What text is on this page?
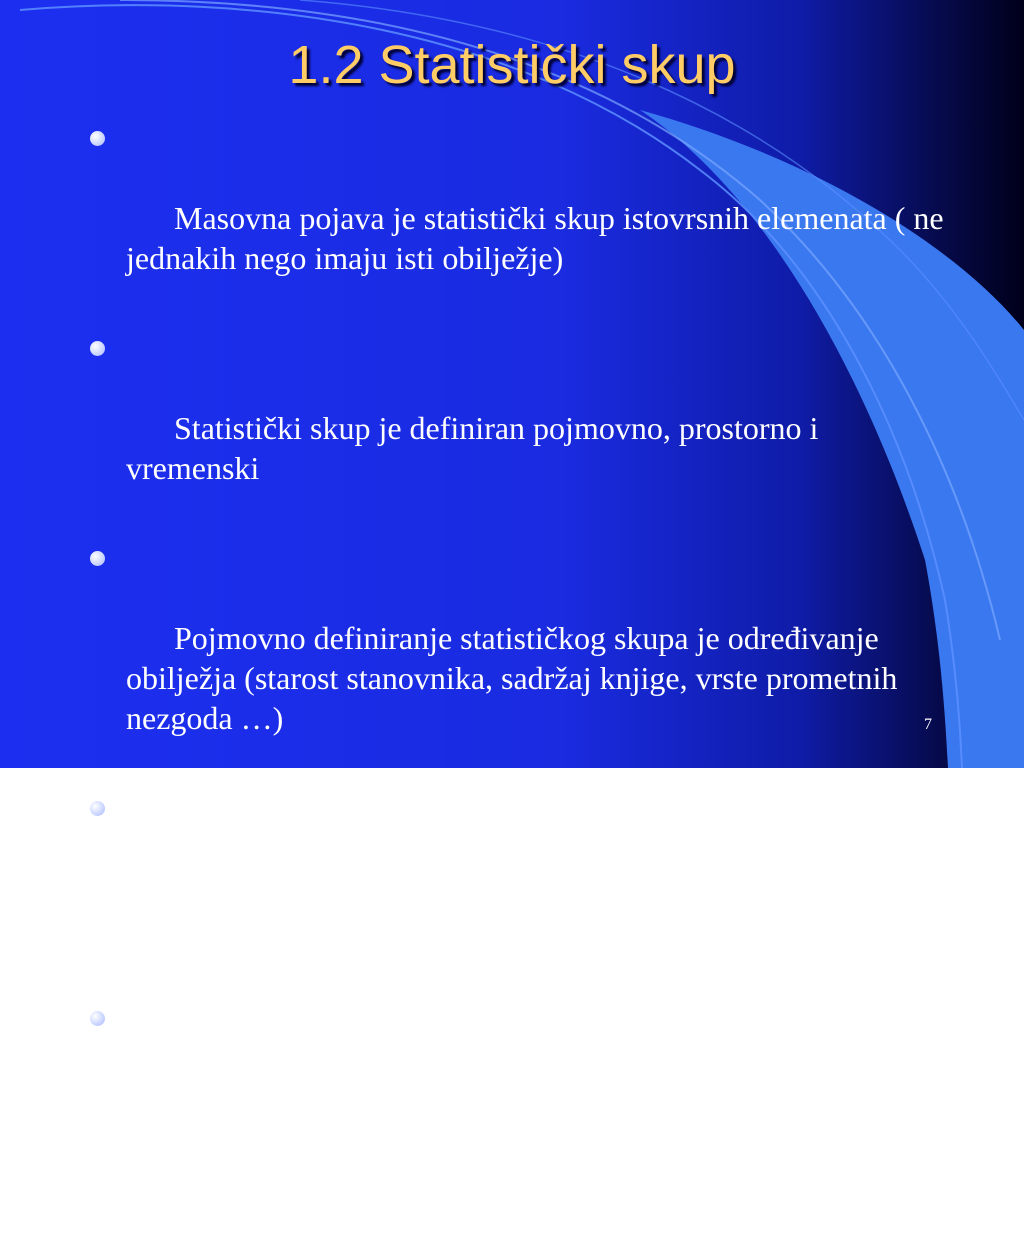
1.2 Statistički skup

Masovna pojava je statistički skup istovrsnih elemenata ( ne jednakih nego imaju isti obilježje)

Statistički skup je definiran pojmovno, prostorno i vremenski

Pojmovno definiranje statističkog skupa je određivanje obilježja (starost stanovnika, sadržaj knjige, vrste prometnih nezgoda …)

Prostorno definiranje statističkog skupa i određivanje prostora ( RH, NSK, Zagreb, …)

Vremensko definiranje statističkog skupa je određivanje vremenskog trenutaka ili razdoblja ( 31. ožujka 2001., godina izdanja, ljeto 2003. …)

7
